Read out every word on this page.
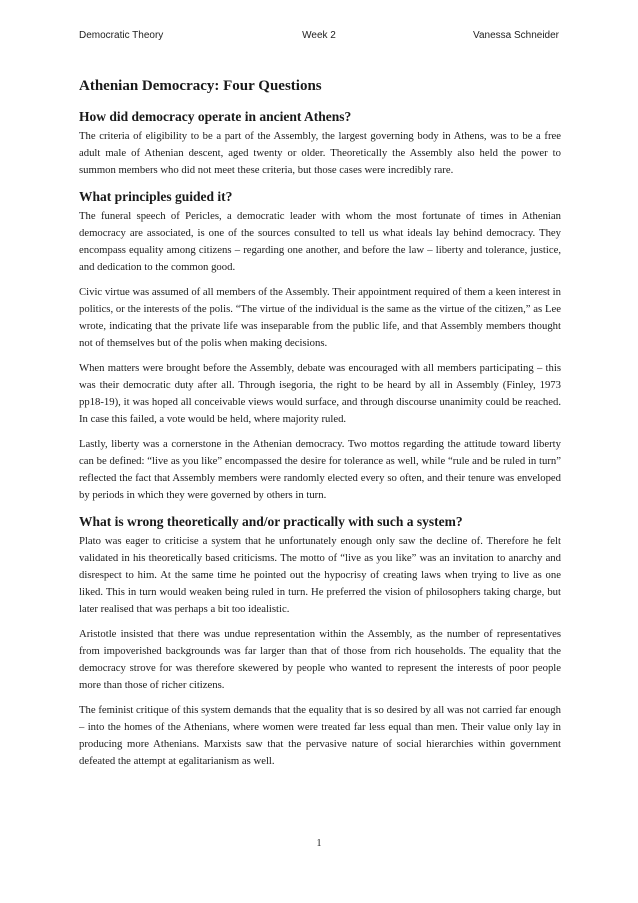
Democratic Theory	Week 2	Vanessa Schneider
Athenian Democracy: Four Questions
How did democracy operate in ancient Athens?

The criteria of eligibility to be a part of the Assembly, the largest governing body in Athens, was to be a free adult male of Athenian descent, aged twenty or older. Theoretically the Assembly also held the power to summon members who did not meet these criteria, but those cases were incredibly rare.

What principles guided it?

The funeral speech of Pericles, a democratic leader with whom the most fortunate of times in Athenian democracy are associated, is one of the sources consulted to tell us what ideals lay behind democracy. They encompass equality among citizens – regarding one another, and before the law – liberty and tolerance, justice, and dedication to the common good.

Civic virtue was assumed of all members of the Assembly. Their appointment required of them a keen interest in politics, or the interests of the polis. “The virtue of the individual is the same as the virtue of the citizen,” as Lee wrote, indicating that the private life was inseparable from the public life, and that Assembly members thought not of themselves but of the polis when making decisions.

When matters were brought before the Assembly, debate was encouraged with all members participating – this was their democratic duty after all. Through isegoria, the right to be heard by all in Assembly (Finley, 1973 pp18-19), it was hoped all conceivable views would surface, and through discourse unanimity could be reached. In case this failed, a vote would be held, where majority ruled.

Lastly, liberty was a cornerstone in the Athenian democracy. Two mottos regarding the attitude toward liberty can be defined: “live as you like” encompassed the desire for tolerance as well, while “rule and be ruled in turn” reflected the fact that Assembly members were randomly elected every so often, and their tenure was enveloped by periods in which they were governed by others in turn.

What is wrong theoretically and/or practically with such a system?

Plato was eager to criticise a system that he unfortunately enough only saw the decline of. Therefore he felt validated in his theoretically based criticisms. The motto of “live as you like” was an invitation to anarchy and disrespect to him. At the same time he pointed out the hypocrisy of creating laws when trying to live as one liked. This in turn would weaken being ruled in turn. He preferred the vision of philosophers taking charge, but later realised that was perhaps a bit too idealistic.

Aristotle insisted that there was undue representation within the Assembly, as the number of representatives from impoverished backgrounds was far larger than that of those from rich households. The equality that the democracy strove for was therefore skewered by people who wanted to represent the interests of poor people more than those of richer citizens.

The feminist critique of this system demands that the equality that is so desired by all was not carried far enough – into the homes of the Athenians, where women were treated far less equal than men. Their value only lay in producing more Athenians. Marxists saw that the pervasive nature of social hierarchies within government defeated the attempt at egalitarianism as well.

1
